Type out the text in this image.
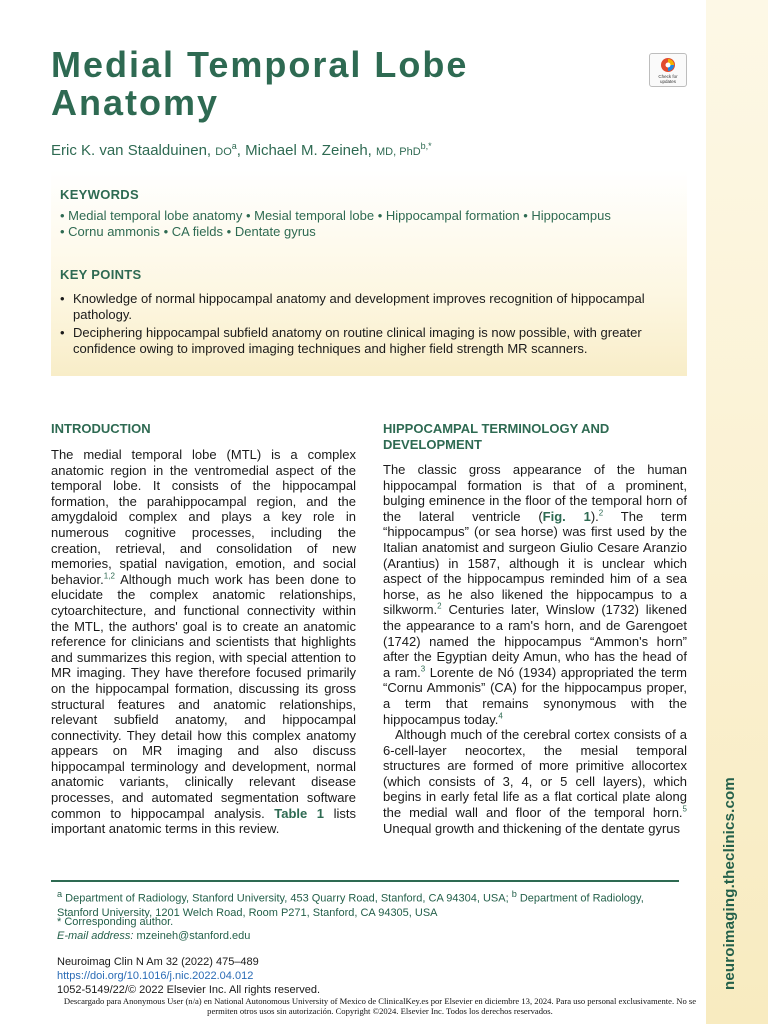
neuroimaging.theclinics.com
Medial Temporal Lobe Anatomy
Check for updates
Eric K. van Staalduinen, $DO^a$, Michael M. Zeineh, MD, PhD$^{b,*}$
KEYWORDS
• Medial temporal lobe anatomy • Mesial temporal lobe • Hippocampal formation • Hippocampus • Cornu ammonis • CA fields • Dentate gyrus
KEY POINTS
• Knowledge of normal hippocampal anatomy and development improves recognition of hippocampal pathology.
• Deciphering hippocampal subfield anatomy on routine clinical imaging is now possible, with greater confidence owing to improved imaging techniques and higher field strength MR scanners.
INTRODUCTION

The medial temporal lobe (MTL) is a complex anatomic region in the ventromedial aspect of the temporal lobe. It consists of the hippocampal formation, the parahippocampal region, and the amygdaloid complex and plays a key role in numerous cognitive processes, including the creation, retrieval, and consolidation of new memories, spatial navigation, emotion, and social behavior.$^{1,2}$ Although much work has been done to elucidate the complex anatomic relationships, cytoarchitecture, and functional connectivity within the MTL, the authors' goal is to create an anatomic reference for clinicians and scientists that highlights and summarizes this region, with special attention to MR imaging. They have therefore focused primarily on the hippocampal formation, discussing its gross structural features and anatomic relationships, relevant subfield anatomy, and hippocampal connectivity. They detail how this complex anatomy appears on MR imaging and also discuss hippocampal terminology and development, normal anatomic variants, clinically relevant disease processes, and automated segmentation software common to hippocampal analysis. Table 1 lists important anatomic terms in this review.

HIPPOCAMPAL TERMINOLOGY AND DEVELOPMENT

The classic gross appearance of the human hippocampal formation is that of a prominent, bulging eminence in the floor of the temporal horn of the lateral ventricle (Fig. 1).$^2$ The term “hippocampus” (or sea horse) was first used by the Italian anatomist and surgeon Giulio Cesare Aranzio (Arantius) in 1587, although it is unclear which aspect of the hippocampus reminded him of a sea horse, as he also likened the hippocampus to a silkworm.$^2$ Centuries later, Winslow (1732) likened the appearance to a ram's horn, and de Garengoet (1742) named the hippocampus “Ammon's horn” after the Egyptian deity Amun, who has the head of a ram.$^3$ Lorente de Nó (1934) appropriated the term “Cornu Ammonis” (CA) for the hippocampus proper, a term that remains synonymous with the hippocampus today.$^4$

Although much of the cerebral cortex consists of a 6-cell-layer neocortex, the mesial temporal structures are formed of more primitive allocortex (which consists of 3, 4, or 5 cell layers), which begins in early fetal life as a flat cortical plate along the medial wall and floor of the temporal horn.$^5$ Unequal growth and thickening of the dentate gyrus

$^a$ Department of Radiology, Stanford University, 453 Quarry Road, Stanford, CA 94304, USA; $^b$ Department of Radiology, Stanford University, 1201 Welch Road, Room P271, Stanford, CA 94305, USA
* Corresponding author.
E-mail address: mzeineh@stanford.edu
Neuroimag Clin N Am 32 (2022) 475–489
https://doi.org/10.1016/j.nic.2022.04.012
1052-5149/22/© 2022 Elsevier Inc. All rights reserved.
Descargado para Anonymous User (n/a) en National Autonomous University of Mexico de ClinicalKey.es por Elsevier en diciembre 13, 2024. Para uso personal exclusivamente. No se permiten otros usos sin autorización. Copyright ©2024. Elsevier Inc. Todos los derechos reservados.
